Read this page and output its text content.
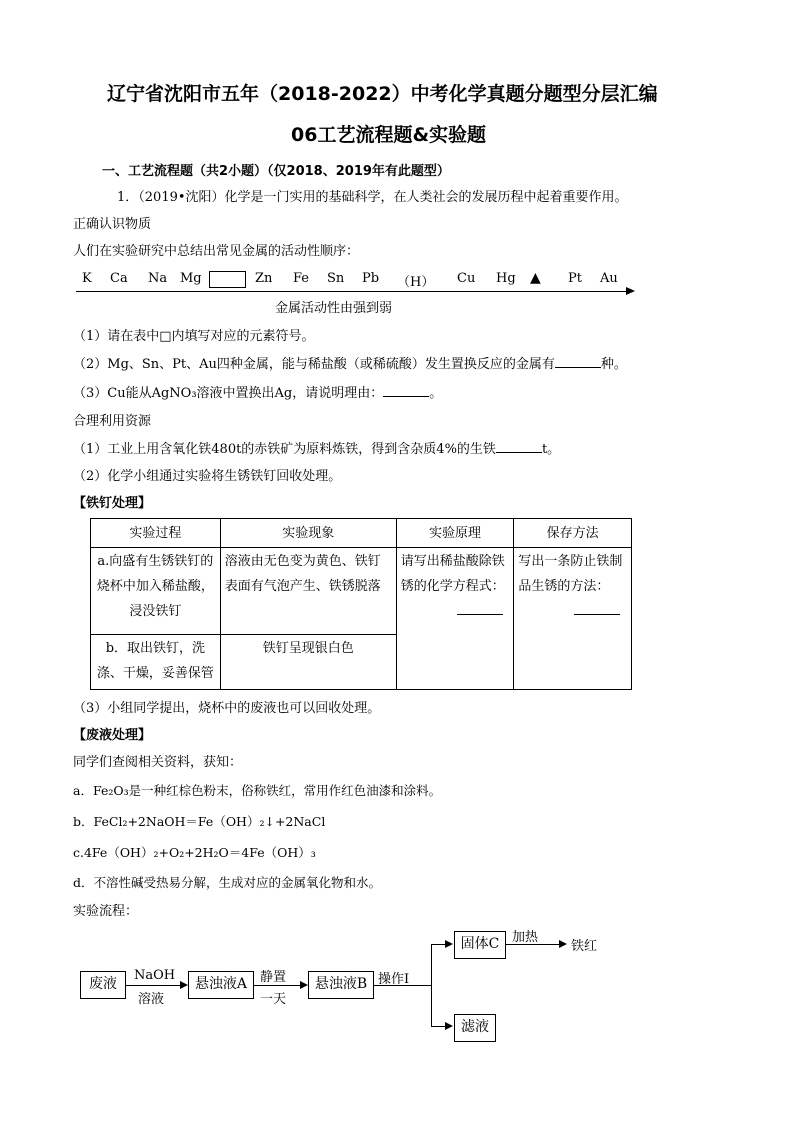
辽宁省沈阳市五年（2018-2022）中考化学真题分题型分层汇编
06工艺流程题&实验题
一、工艺流程题（共2小题）（仅2018、2019年有此题型）
1．（2019•沈阳）化学是一门实用的基础科学，在人类社会的发展历程中起着重要作用。
正确认识物质
人们在实验研究中总结出常见金属的活动性顺序：
K Ca Na Mg	Zn Fe Sn Pb （H） Cu Hg ▲ Pt Au
金属活动性由强到弱
（1）请在表中□内填写对应的元素符号。
（2）Mg、Sn、Pt、Au四种金属，能与稀盐酸（或稀硫酸）发生置换反应的金属有	种。
（3）Cu能从AgNO₃溶液中置换出Ag，请说明理由：	。
合理利用资源
（1）工业上用含氧化铁480t的赤铁矿为原料炼铁，得到含杂质4%的生铁	t。
（2）化学小组通过实验将生锈铁钉回收处理。
【铁钉处理】
实验过程	实验现象	实验原理	保存方法
a.向盛有生锈铁钉的烧杯中加入稀盐酸，浸没铁钉	溶液由无色变为黄色、铁钉表面有气泡产生、铁锈脱落	请写出稀盐酸除铁锈的化学方程式：	写出一条防止铁制品生锈的方法：

b．取出铁钉，洗涤、干燥，妥善保管	铁钉呈现银白色		
（3）小组同学提出，烧杯中的废液也可以回收处理。
【废液处理】
同学们查阅相关资料，获知：
a．Fe₂O₃是一种红棕色粉末，俗称铁红，常用作红色油漆和涂料。
b．FeCl₂+2NaOH＝Fe（OH）₂↓+2NaCl
c.4Fe（OH）₂+O₂+2H₂O＝4Fe（OH）₃
d．不溶性碱受热易分解，生成对应的金属氧化物和水。
实验流程：
废液
NaOH
溶液
悬浊液A 静置
一天
悬浊液B 操作Ⅰ
固体C 加热
铁红
滤液
